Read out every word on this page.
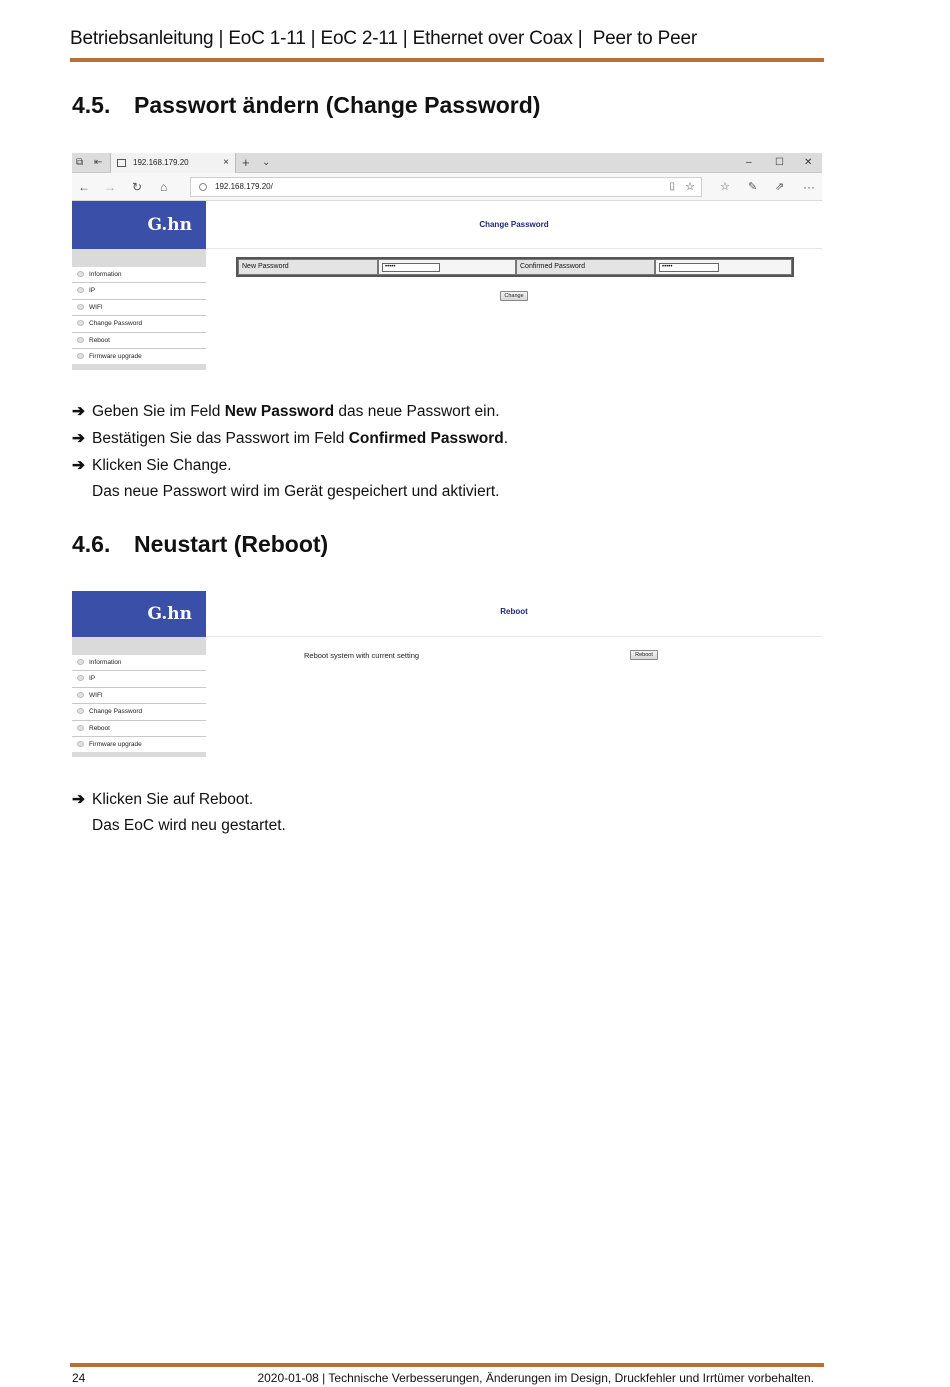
Betriebsanleitung | EoC 1-11 | EoC 2-11 | Ethernet over Coax |  Peer to Peer
4.5. Passwort ändern (Change Password)
⧉ ⇤	192.168.179.20	× + ⌄	– ☐ ✕
← → ↻ ⌂	192.168.179.20/	▯ ☆ ☆ ✎ ⇗ ···
G.hn
Information
IP
WIFI
Change Password
Reboot
Firmware upgrade
Change Password
New Password	•••••	Confirmed Password	•••••
Change
➔ Geben Sie im Feld New Password das neue Passwort ein.
➔ Bestätigen Sie das Passwort im Feld Confirmed Password.
➔ Klicken Sie Change.
Das neue Passwort wird im Gerät gespeichert und aktiviert.
4.6. Neustart (Reboot)
G.hn
Information
IP
WIFI
Change Password
Reboot
Firmware upgrade
Reboot
Reboot system with current setting	Reboot
➔ Klicken Sie auf Reboot.
Das EoC wird neu gestartet.
24	2020-01-08 | Technische Verbesserungen, Änderungen im Design, Druckfehler und Irrtümer vorbehalten.
